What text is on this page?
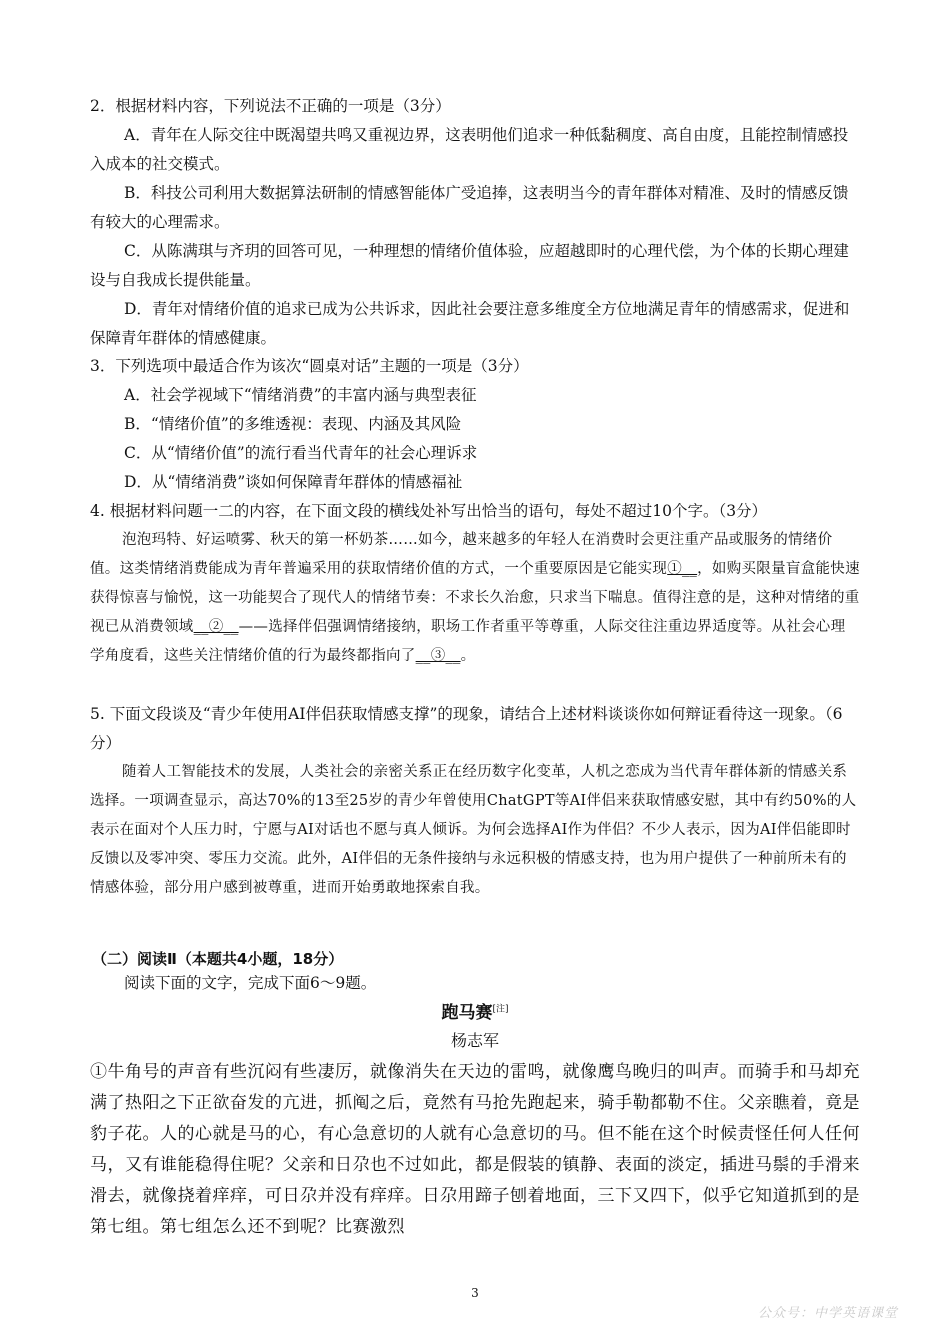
2．根据材料内容，下列说法不正确的一项是（3分）

A．青年在人际交往中既渴望共鸣又重视边界，这表明他们追求一种低黏稠度、高自由度，且能控制情感投入成本的社交模式。

B．科技公司利用大数据算法研制的情感智能体广受追捧，这表明当今的青年群体对精准、及时的情感反馈有较大的心理需求。

C．从陈满琪与齐玥的回答可见，一种理想的情绪价值体验，应超越即时的心理代偿，为个体的长期心理建设与自我成长提供能量。

D．青年对情绪价值的追求已成为公共诉求，因此社会要注意多维度全方位地满足青年的情感需求，促进和保障青年群体的情感健康。

3．下列选项中最适合作为该次“圆桌对话”主题的一项是（3分）

A．社会学视域下“情绪消费”的丰富内涵与典型表征

B．“情绪价值”的多维透视：表现、内涵及其风险

C．从“情绪价值”的流行看当代青年的社会心理诉求

D．从“情绪消费”谈如何保障青年群体的情感福祉

4. 根据材料问题一二的内容，在下面文段的横线处补写出恰当的语句，每处不超过10个字。（3分）

泡泡玛特、好运喷雾、秋天的第一杯奶茶……如今，越来越多的年轻人在消费时会更注重产品或服务的情绪价值。这类情绪消费能成为青年普遍采用的获取情绪价值的方式，一个重要原因是它能实现①__，如购买限量盲盒能快速获得惊喜与愉悦，这一功能契合了现代人的情绪节奏：不求长久治愈，只求当下喘息。值得注意的是，这种对情绪的重视已从消费领域__②__——选择伴侣强调情绪接纳，职场工作者重平等尊重，人际交往注重边界适度等。从社会心理学角度看，这些关注情绪价值的行为最终都指向了__③__。

5. 下面文段谈及“青少年使用AI伴侣获取情感支撑”的现象，请结合上述材料谈谈你如何辩证看待这一现象。（6分）

随着人工智能技术的发展，人类社会的亲密关系正在经历数字化变革，人机之恋成为当代青年群体新的情感关系选择。一项调查显示，高达70%的13至25岁的青少年曾使用ChatGPT等AI伴侣来获取情感安慰，其中有约50%的人表示在面对个人压力时，宁愿与AI对话也不愿与真人倾诉。为何会选择AI作为伴侣？不少人表示，因为AI伴侣能即时反馈以及零冲突、零压力交流。此外，AI伴侣的无条件接纳与永远积极的情感支持，也为用户提供了一种前所未有的情感体验，部分用户感到被尊重，进而开始勇敢地探索自我。

（二）阅读Ⅱ（本题共4小题，18分）

阅读下面的文字，完成下面6～9题。

跑马赛[注]
杨志军

①牛角号的声音有些沉闷有些凄厉，就像消失在天边的雷鸣，就像鹰鸟晚归的叫声。而骑手和马却充满了热阳之下正欲奋发的亢进，抓阄之后，竟然有马抢先跑起来，骑手勒都勒不住。父亲瞧着，竟是豹子花。人的心就是马的心，有心急意切的人就有心急意切的马。但不能在这个时候责怪任何人任何马，又有谁能稳得住呢？父亲和日尕也不过如此，都是假装的镇静、表面的淡定，插进马鬃的手滑来滑去，就像挠着痒痒，可日尕并没有痒痒。日尕用蹄子刨着地面，三下又四下，似乎它知道抓到的是第七组。第七组怎么还不到呢？比赛激烈

3
公众号：中学英语课堂
